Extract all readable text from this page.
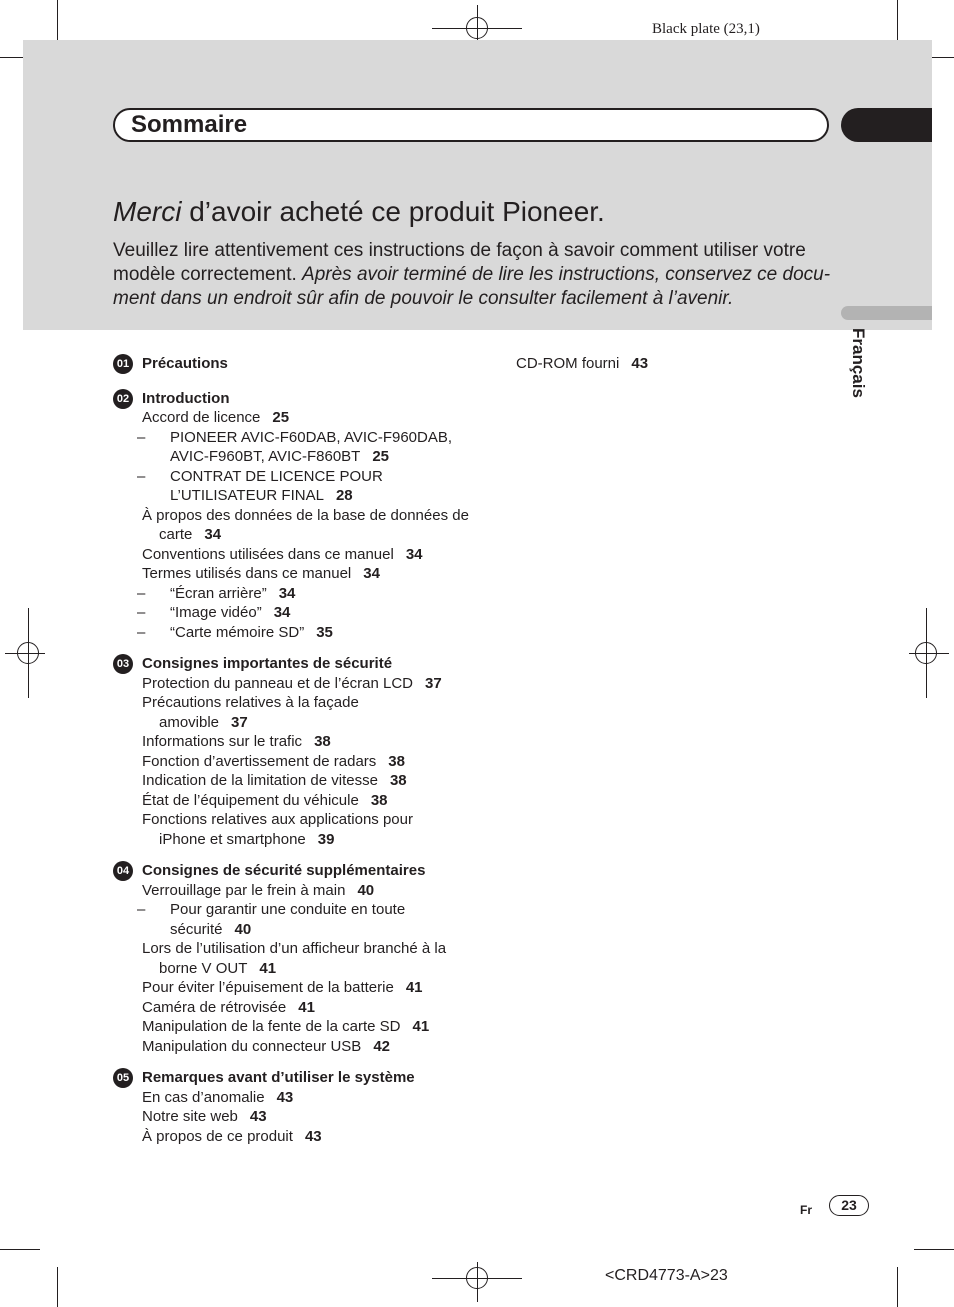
Black plate (23,1)
Sommaire
Français
Merci d’avoir acheté ce produit Pioneer.
Veuillez lire attentivement ces instructions de façon à savoir comment utiliser votre modèle correctement. Après avoir terminé de lire les instructions, conservez ce document dans un endroit sûr afin de pouvoir le consulter facilement à l’avenir.
01 Précautions
02 Introduction
Accord de licence 25
–	PIONEER AVIC-F60DAB, AVIC-F960DAB, AVIC-F960BT, AVIC-F860BT 25
–	CONTRAT DE LICENCE POUR L’UTILISATEUR FINAL 28
À propos des données de la base de données de carte 34
Conventions utilisées dans ce manuel 34
Termes utilisés dans ce manuel 34
–	“Écran arrière” 34
–	“Image vidéo” 34
–	“Carte mémoire SD” 35
03 Consignes importantes de sécurité
Protection du panneau et de l’écran LCD 37
Précautions relatives à la façade amovible 37
Informations sur le trafic 38
Fonction d’avertissement de radars 38
Indication de la limitation de vitesse 38
État de l’équipement du véhicule 38
Fonctions relatives aux applications pour iPhone et smartphone 39
04 Consignes de sécurité supplémentaires
Verrouillage par le frein à main 40
–	Pour garantir une conduite en toute sécurité 40
Lors de l’utilisation d’un afficheur branché à la borne V OUT 41
Pour éviter l’épuisement de la batterie 41
Caméra de rétrovisée 41
Manipulation de la fente de la carte SD 41
Manipulation du connecteur USB 42
05 Remarques avant d’utiliser le système
En cas d’anomalie 43
Notre site web 43
À propos de ce produit 43
CD-ROM fourni 43
Fr	23
<CRD4773-A>23
